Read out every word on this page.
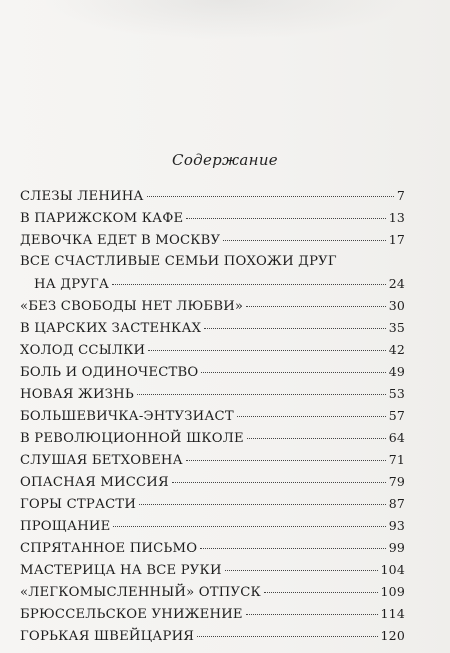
Содержание
СЛЕЗЫ ЛЕНИНА	7
В ПАРИЖСКОМ КАФЕ	13
ДЕВОЧКА ЕДЕТ В МОСКВУ	17
ВСЕ СЧАСТЛИВЫЕ СЕМЬИ ПОХОЖИ ДРУГ
НА ДРУГА	24
«БЕЗ СВОБОДЫ НЕТ ЛЮБВИ»	30
В ЦАРСКИХ ЗАСТЕНКАХ	35
ХОЛОД ССЫЛКИ	42
БОЛЬ И ОДИНОЧЕСТВО	49
НОВАЯ ЖИЗНЬ	53
БОЛЬШЕВИЧКА-ЭНТУЗИАСТ	57
В РЕВОЛЮЦИОННОЙ ШКОЛЕ	64
СЛУШАЯ БЕТХОВЕНА	71
ОПАСНАЯ МИССИЯ	79
ГОРЫ СТРАСТИ	87
ПРОЩАНИЕ	93
СПРЯТАННОЕ ПИСЬМО	99
МАСТЕРИЦА НА ВСЕ РУКИ	104
«ЛЕГКОМЫСЛЕННЫЙ» ОТПУСК	109
БРЮССЕЛЬСКОЕ УНИЖЕНИЕ	114
ГОРЬКАЯ ШВЕЙЦАРИЯ	120
